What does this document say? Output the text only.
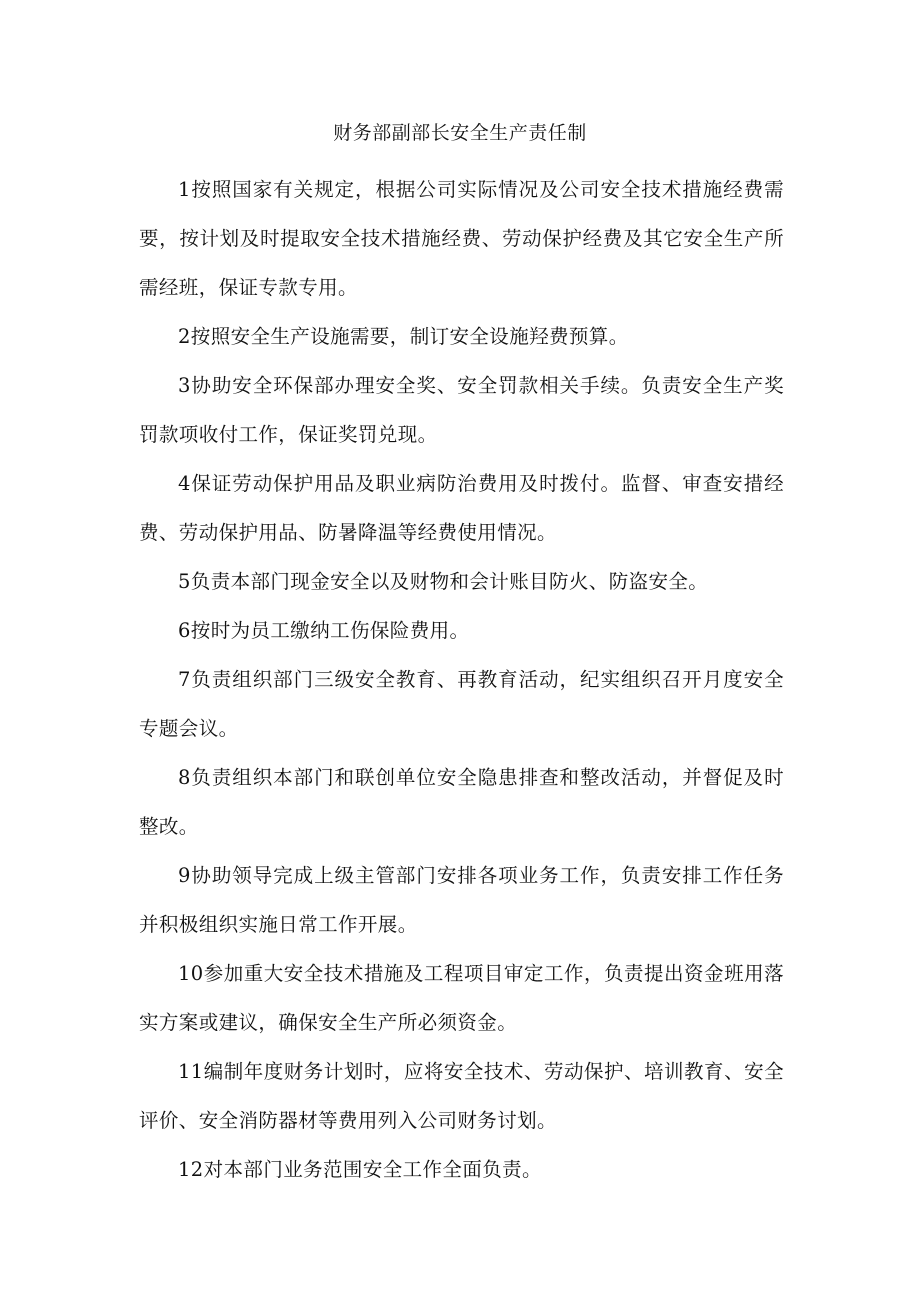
财务部副部长安全生产责任制

1按照国家有关规定，根据公司实际情况及公司安全技术措施经费需要，按计划及时提取安全技术措施经费、劳动保护经费及其它安全生产所需经班，保证专款专用。

2按照安全生产设施需要，制订安全设施羟费预算。

3协助安全环保部办理安全奖、安全罚款相关手续。负责安全生产奖罚款项收付工作，保证奖罚兑现。

4保证劳动保护用品及职业病防治费用及时拨付。监督、审查安措经费、劳动保护用品、防暑降温等经费使用情况。

5负责本部门现金安全以及财物和会计账目防火、防盗安全。

6按时为员工缴纳工伤保险费用。

7负责组织部门三级安全教育、再教育活动，纪实组织召开月度安全专题会议。

8负责组织本部门和联创单位安全隐患排查和整改活动，并督促及时整改。

9协助领导完成上级主管部门安排各项业务工作，负责安排工作任务并积极组织实施日常工作开展。

10参加重大安全技术措施及工程项目审定工作，负责提出资金班用落实方案或建议，确保安全生产所必须资金。

11编制年度财务计划时，应将安全技术、劳动保护、培训教育、安全评价、安全消防器材等费用列入公司财务讨划。

12对本部门业务范围安全工作全面负责。
